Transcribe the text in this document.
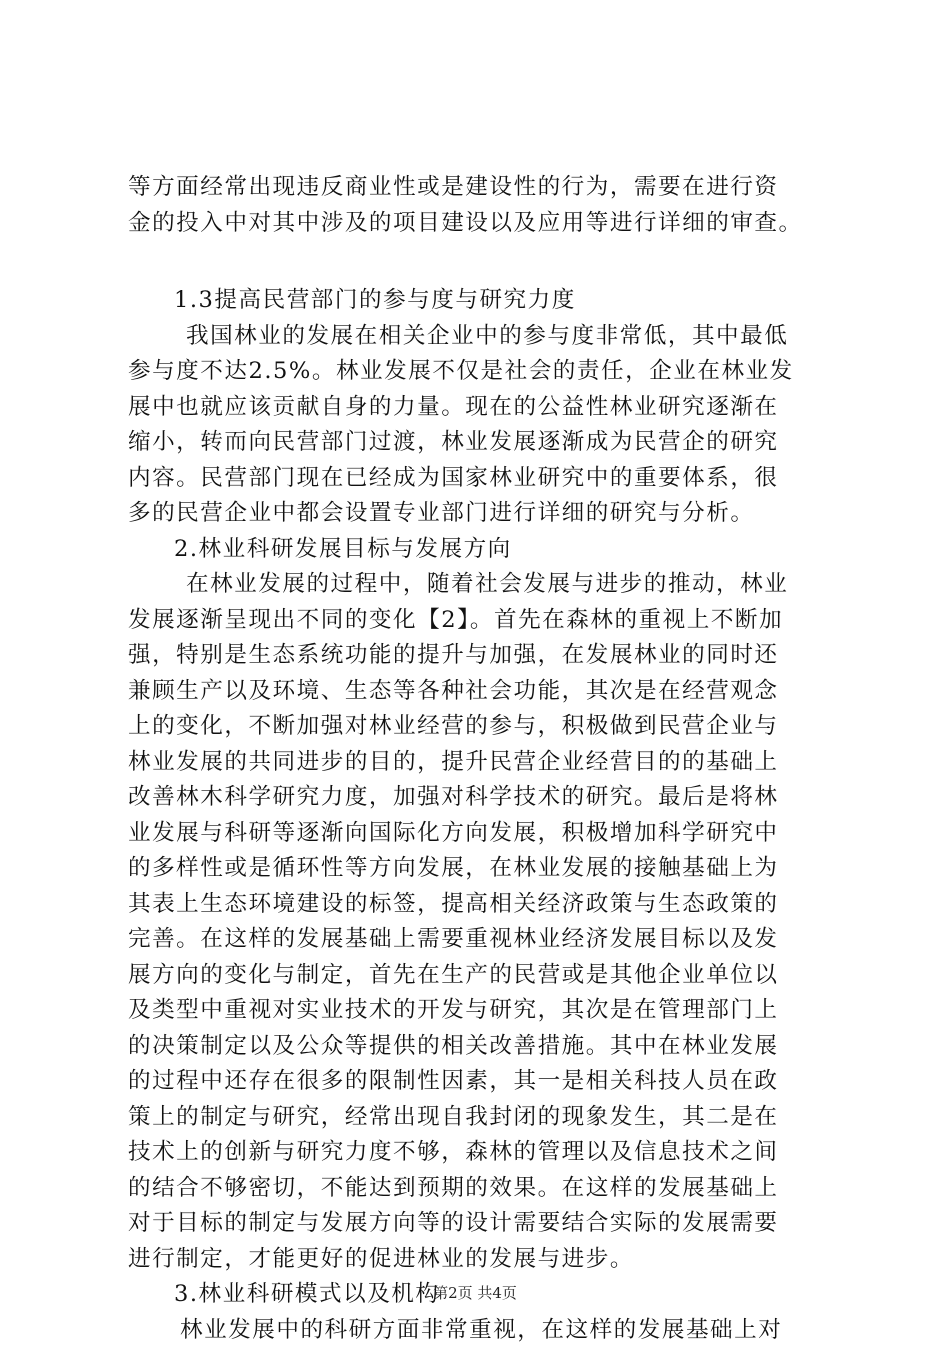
等方面经常出现违反商业性或是建设性的行为，需要在进行资

金的投入中对其中涉及的项目建设以及应用等进行详细的审查。

1.3提高民营部门的参与度与研究力度

我国林业的发展在相关企业中的参与度非常低，其中最低

参与度不达2.5%。林业发展不仅是社会的责任，企业在林业发

展中也就应该贡献自身的力量。现在的公益性林业研究逐渐在

缩小，转而向民营部门过渡，林业发展逐渐成为民营企的研究

内容。民营部门现在已经成为国家林业研究中的重要体系，很

多的民营企业中都会设置专业部门进行详细的研究与分析。

2.林业科研发展目标与发展方向

在林业发展的过程中，随着社会发展与进步的推动，林业

发展逐渐呈现出不同的变化【2】。首先在森林的重视上不断加

强，特别是生态系统功能的提升与加强，在发展林业的同时还

兼顾生产以及环境、生态等各种社会功能，其次是在经营观念

上的变化，不断加强对林业经营的参与，积极做到民营企业与

林业发展的共同进步的目的，提升民营企业经营目的的基础上

改善林木科学研究力度，加强对科学技术的研究。最后是将林

业发展与科研等逐渐向国际化方向发展，积极增加科学研究中

的多样性或是循环性等方向发展，在林业发展的接触基础上为

其表上生态环境建设的标签，提高相关经济政策与生态政策的

完善。在这样的发展基础上需要重视林业经济发展目标以及发

展方向的变化与制定，首先在生产的民营或是其他企业单位以

及类型中重视对实业技术的开发与研究，其次是在管理部门上

的决策制定以及公众等提供的相关改善措施。其中在林业发展

的过程中还存在很多的限制性因素，其一是相关科技人员在政

策上的制定与研究，经常出现自我封闭的现象发生，其二是在

技术上的创新与研究力度不够，森林的管理以及信息技术之间

的结合不够密切，不能达到预期的效果。在这样的发展基础上

对于目标的制定与发展方向等的设计需要结合实际的发展需要

进行制定，才能更好的促进林业的发展与进步。

3.林业科研模式以及机构

林业发展中的科研方面非常重视，在这样的发展基础上对

第2页 共4页
